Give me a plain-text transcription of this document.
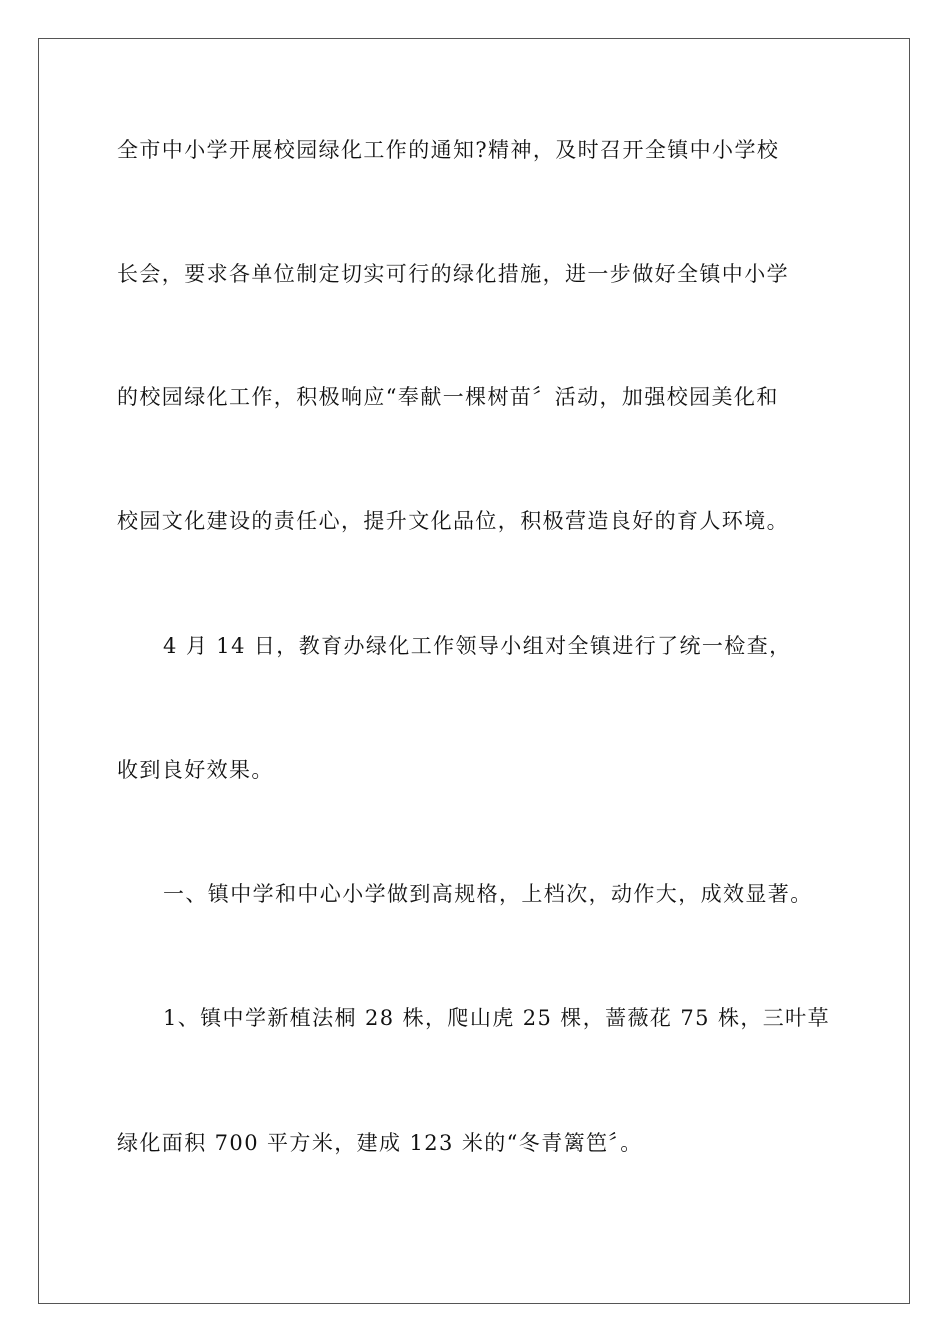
全市中小学开展校园绿化工作的通知?精神，及时召开全镇中小学校
长会，要求各单位制定切实可行的绿化措施，进一步做好全镇中小学
的校园绿化工作，积极响应“奉献一棵树苗〞活动，加强校园美化和
校园文化建设的责任心，提升文化品位，积极营造良好的育人环境。
4 月 14 日，教育办绿化工作领导小组对全镇进行了统一检查，
收到良好效果。
一、镇中学和中心小学做到高规格，上档次，动作大，成效显著。
1、镇中学新植法桐 28 株，爬山虎 25 棵，蔷薇花 75 株，三叶草
绿化面积 700 平方米，建成 123 米的“冬青篱笆〞。
